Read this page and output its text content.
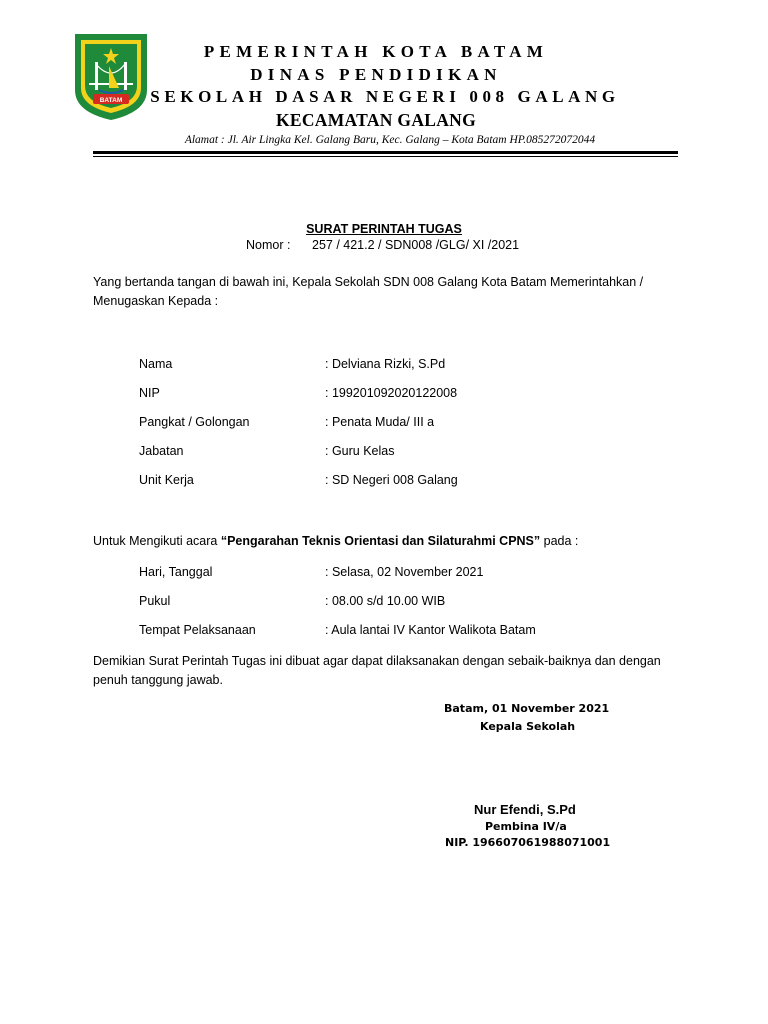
BATAM
PEMERINTAH KOTA BATAM
DINAS PENDIDIKAN
SEKOLAH DASAR NEGERI 008 GALANG
KECAMATAN GALANG
Alamat : Jl. Air Lingka Kel. Galang Baru, Kec. Galang – Kota Batam HP.085272072044
SURAT PERINTAH TUGAS
Nomor : 257 / 421.2 / SDN008 /GLG/ XI /2021
Yang bertanda tangan di bawah ini, Kepala Sekolah SDN 008 Galang Kota Batam Memerintahkan / Menugaskan Kepada :
Nama	: Delviana Rizki, S.Pd
NIP	: 199201092020122008
Pangkat / Golongan	: Penata Muda/ III a
Jabatan	: Guru Kelas
Unit Kerja	: SD Negeri 008 Galang
Untuk Mengikuti acara “Pengarahan Teknis Orientasi dan Silaturahmi CPNS” pada :
Hari, Tanggal	: Selasa, 02 November 2021
Pukul	: 08.00 s/d 10.00 WIB
Tempat Pelaksanaan	: Aula lantai IV Kantor Walikota Batam
Demikian Surat Perintah Tugas ini dibuat agar dapat dilaksanakan dengan sebaik-baiknya dan dengan penuh tanggung jawab.
Batam, 01 November 2021
Kepala Sekolah
Nur Efendi, S.Pd
Pembina IV/a
NIP. 196607061988071001
